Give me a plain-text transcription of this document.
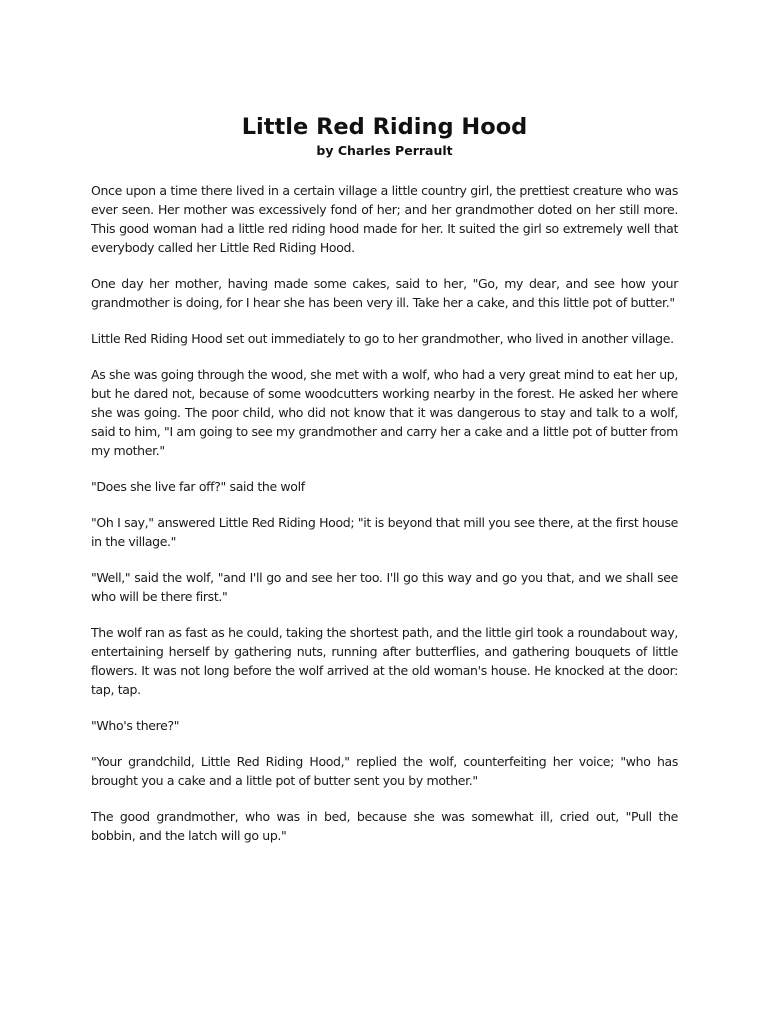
Little Red Riding Hood
by Charles Perrault

Once upon a time there lived in a certain village a little country girl, the prettiest creature who was ever seen. Her mother was excessively fond of her; and her grandmother doted on her still more. This good woman had a little red riding hood made for her. It suited the girl so extremely well that everybody called her Little Red Riding Hood.

One day her mother, having made some cakes, said to her, "Go, my dear, and see how your grandmother is doing, for I hear she has been very ill. Take her a cake, and this little pot of butter."

Little Red Riding Hood set out immediately to go to her grandmother, who lived in another village.

As she was going through the wood, she met with a wolf, who had a very great mind to eat her up, but he dared not, because of some woodcutters working nearby in the forest. He asked her where she was going. The poor child, who did not know that it was dangerous to stay and talk to a wolf, said to him, "I am going to see my grandmother and carry her a cake and a little pot of butter from my mother."

"Does she live far off?" said the wolf

"Oh I say," answered Little Red Riding Hood; "it is beyond that mill you see there, at the first house in the village."

"Well," said the wolf, "and I'll go and see her too. I'll go this way and go you that, and we shall see who will be there first."

The wolf ran as fast as he could, taking the shortest path, and the little girl took a roundabout way, entertaining herself by gathering nuts, running after butterflies, and gathering bouquets of little flowers. It was not long before the wolf arrived at the old woman's house. He knocked at the door: tap, tap.

"Who's there?"

"Your grandchild, Little Red Riding Hood," replied the wolf, counterfeiting her voice; "who has brought you a cake and a little pot of butter sent you by mother."

The good grandmother, who was in bed, because she was somewhat ill, cried out, "Pull the bobbin, and the latch will go up."
